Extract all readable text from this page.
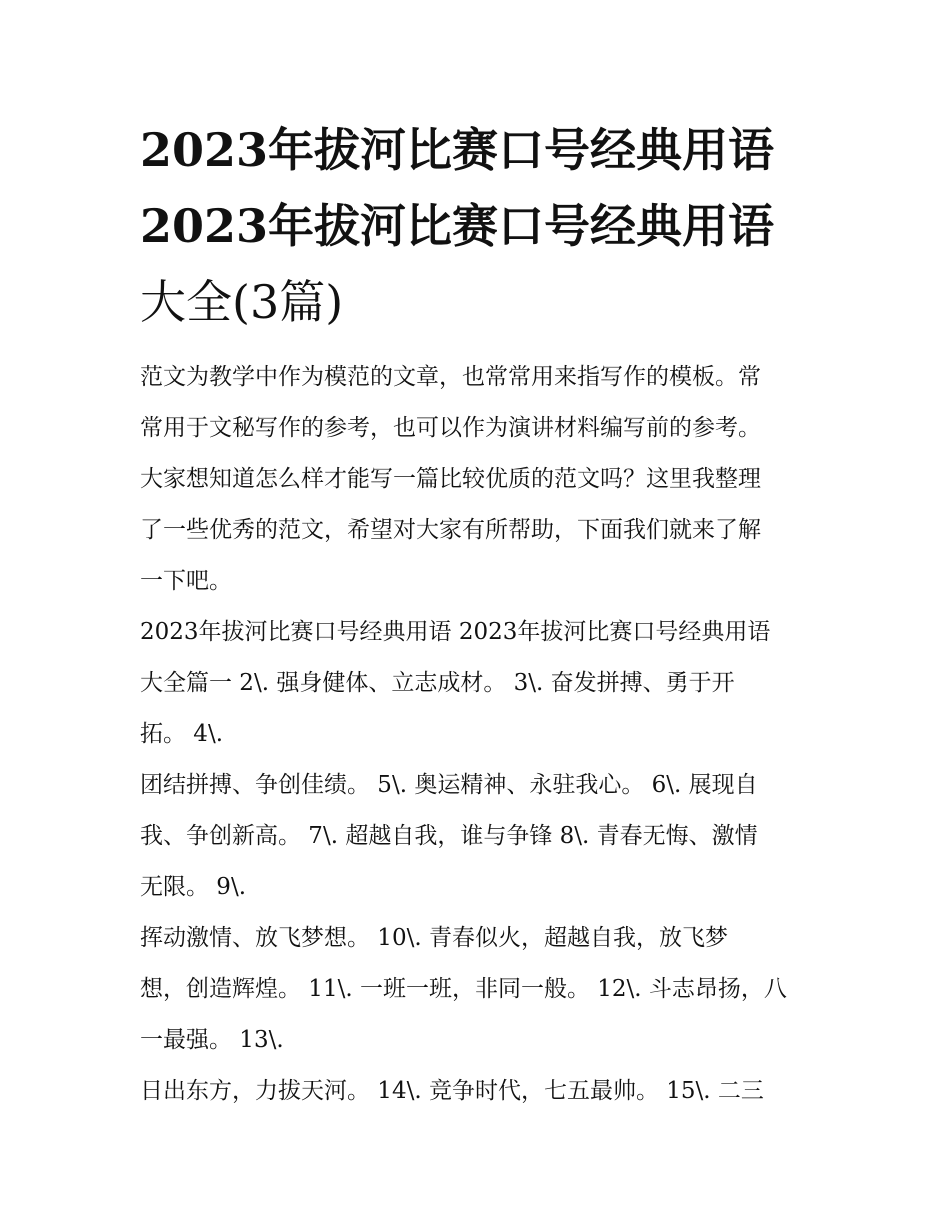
2023年拔河比赛口号经典用语
2023年拔河比赛口号经典用语
大全(3篇)
范文为教学中作为模范的文章，也常常用来指写作的模板。常
常用于文秘写作的参考，也可以作为演讲材料编写前的参考。
大家想知道怎么样才能写一篇比较优质的范文吗？这里我整理
了一些优秀的范文，希望对大家有所帮助，下面我们就来了解
一下吧。
2023年拔河比赛口号经典用语 2023年拔河比赛口号经典用语
大全篇一 2\. 强身健体、立志成材。 3\. 奋发拼搏、勇于开
拓。 4\.
团结拼搏、争创佳绩。 5\. 奥运精神、永驻我心。 6\. 展现自
我、争创新高。 7\. 超越自我，谁与争锋 8\. 青春无悔、激情
无限。 9\.
挥动激情、放飞梦想。 10\. 青春似火，超越自我，放飞梦
想，创造辉煌。 11\. 一班一班，非同一般。 12\. 斗志昂扬，八
一最强。 13\.
日出东方，力拔天河。 14\. 竞争时代，七五最帅。 15\. 二三
